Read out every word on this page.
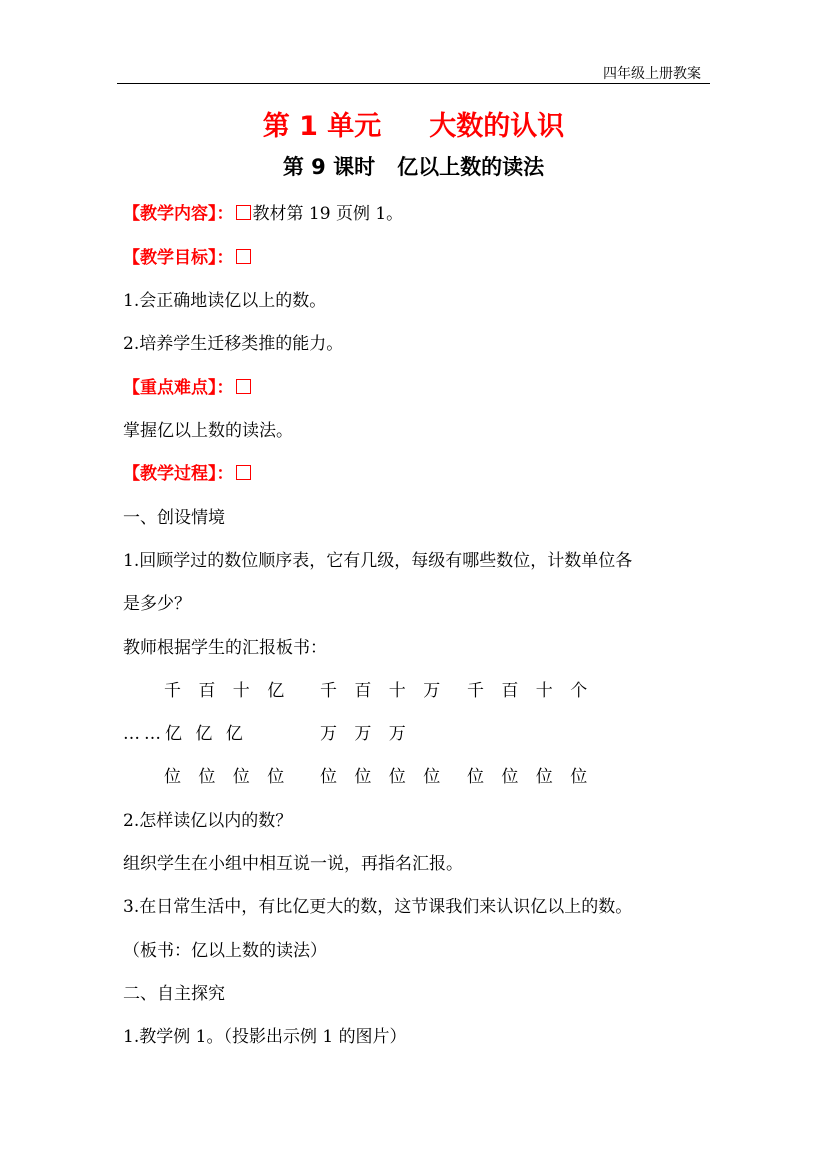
四年级上册教案
第 1 单元 大数的认识
第 9 课时 亿以上数的读法
【教学内容】： 教材第 19 页例 1。
【教学目标】：
1.会正确地读亿以上的数。
2.培养学生迁移类推的能力。
【重点难点】：
掌握亿以上数的读法。
【教学过程】：
一、创设情境
1.回顾学过的数位顺序表，它有几级，每级有哪些数位，计数单位各
是多少？
教师根据学生的汇报板书：
千 百 十 亿 千 百 十 万 千 百 十 个
……亿 亿 亿	万 万 万
位 位 位 位 位 位 位 位 位 位 位 位
2.怎样读亿以内的数？
组织学生在小组中相互说一说，再指名汇报。
3.在日常生活中，有比亿更大的数，这节课我们来认识亿以上的数。
（板书：亿以上数的读法）
二、自主探究
1.教学例 1。（投影出示例 1 的图片）
